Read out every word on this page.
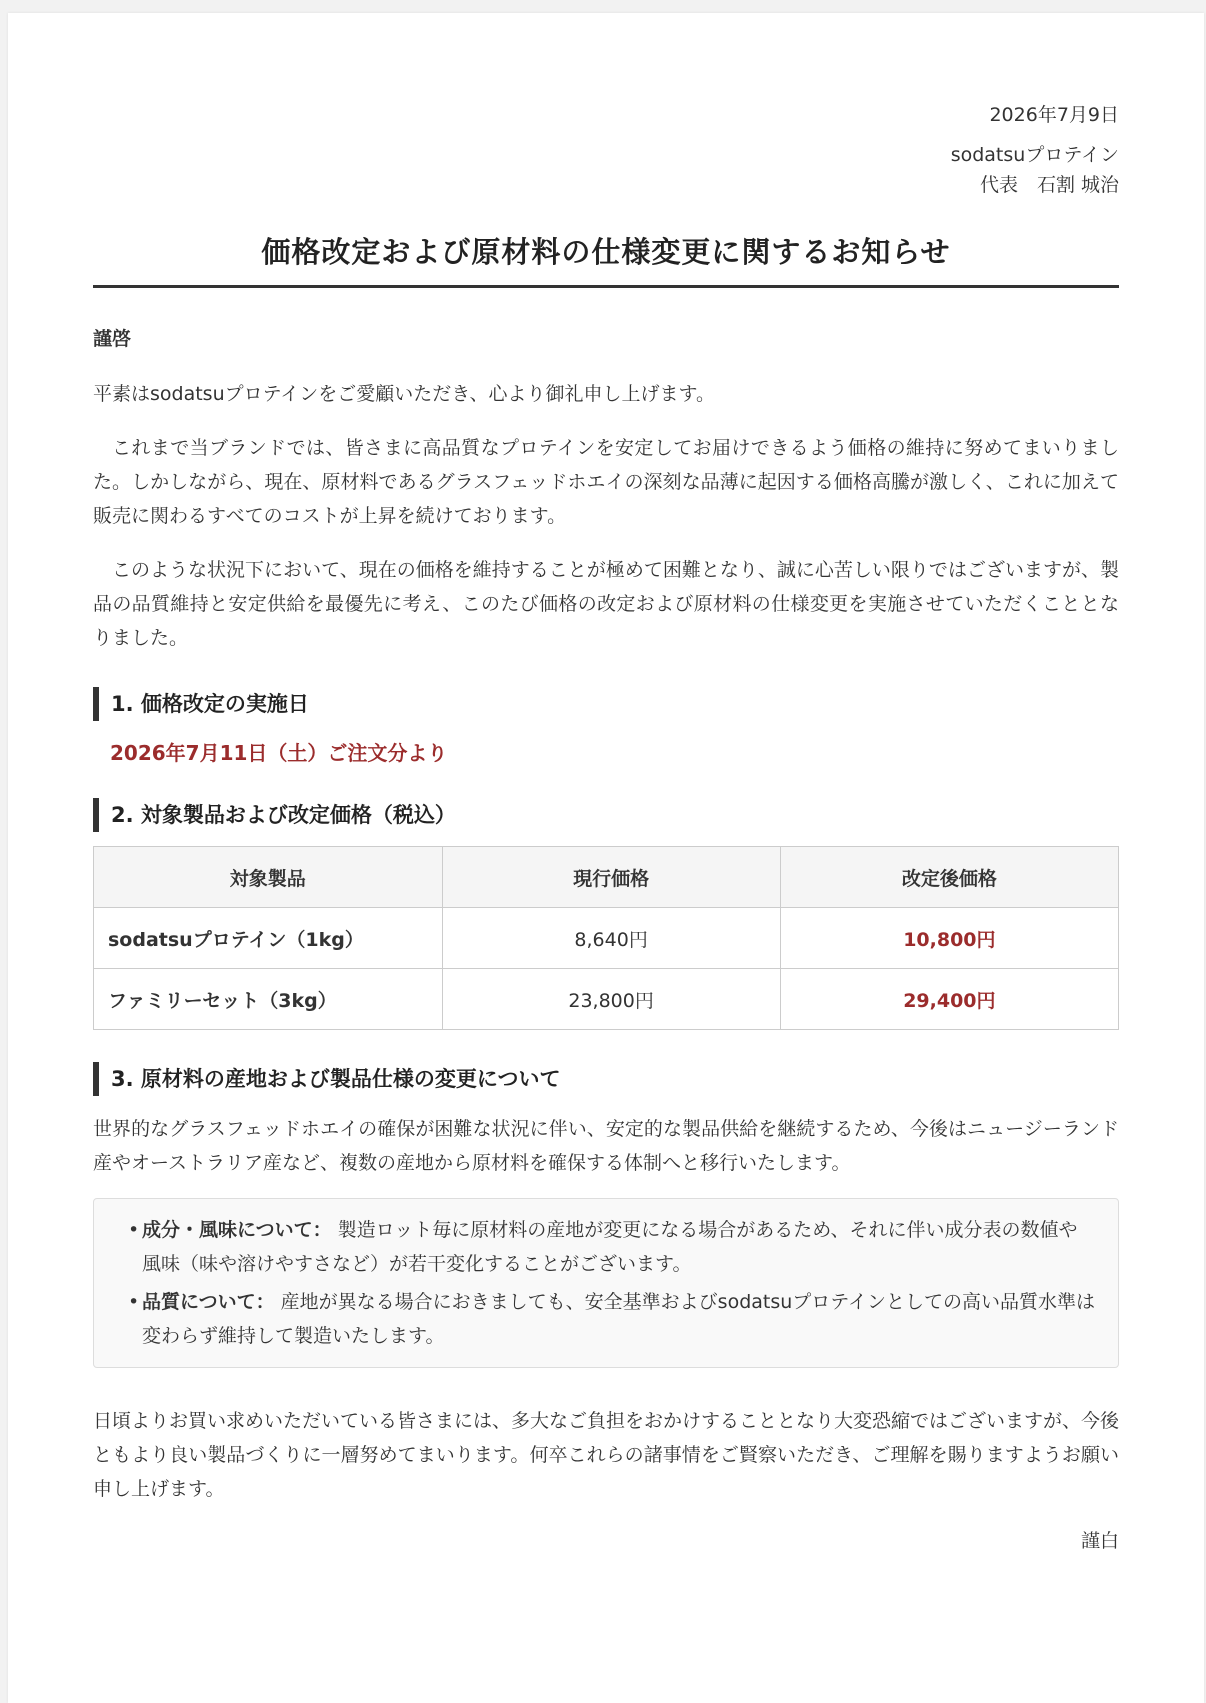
2026年7月9日
sodatsuプロテイン
代表　石割 城治
価格改定および原材料の仕様変更に関するお知らせ
謹啓

平素はsodatsuプロテインをご愛顧いただき、心より御礼申し上げます。

これまで当ブランドでは、皆さまに高品質なプロテインを安定してお届けできるよう価格の維持に努めてまいりました。しかしながら、現在、原材料であるグラスフェッドホエイの深刻な品薄に起因する価格高騰が激しく、これに加えて販売に関わるすべてのコストが上昇を続けております。

このような状況下において、現在の価格を維持することが極めて困難となり、誠に心苦しい限りではございますが、製品の品質維持と安定供給を最優先に考え、このたび価格の改定および原材料の仕様変更を実施させていただくこととなりました。

1. 価格改定の実施日
2026年7月11日（土）ご注文分より
2. 対象製品および改定価格（税込）
対象製品	現行価格	改定後価格
sodatsuプロテイン（1kg）	8,640円	10,800円
ファミリーセット（3kg）	23,800円	29,400円
3. 原材料の産地および製品仕様の変更について

世界的なグラスフェッドホエイの確保が困難な状況に伴い、安定的な製品供給を継続するため、今後はニュージーランド産やオーストラリア産など、複数の産地から原材料を確保する体制へと移行いたします。

• 成分・風味について： 製造ロット毎に原材料の産地が変更になる場合があるため、それに伴い成分表の数値や風味（味や溶けやすさなど）が若干変化することがございます。
• 品質について： 産地が異なる場合におきましても、安全基準およびsodatsuプロテインとしての高い品質水準は変わらず維持して製造いたします。

日頃よりお買い求めいただいている皆さまには、多大なご負担をおかけすることとなり大変恐縮ではございますが、今後ともより良い製品づくりに一層努めてまいります。何卒これらの諸事情をご賢察いただき、ご理解を賜りますようお願い申し上げます。

謹白
